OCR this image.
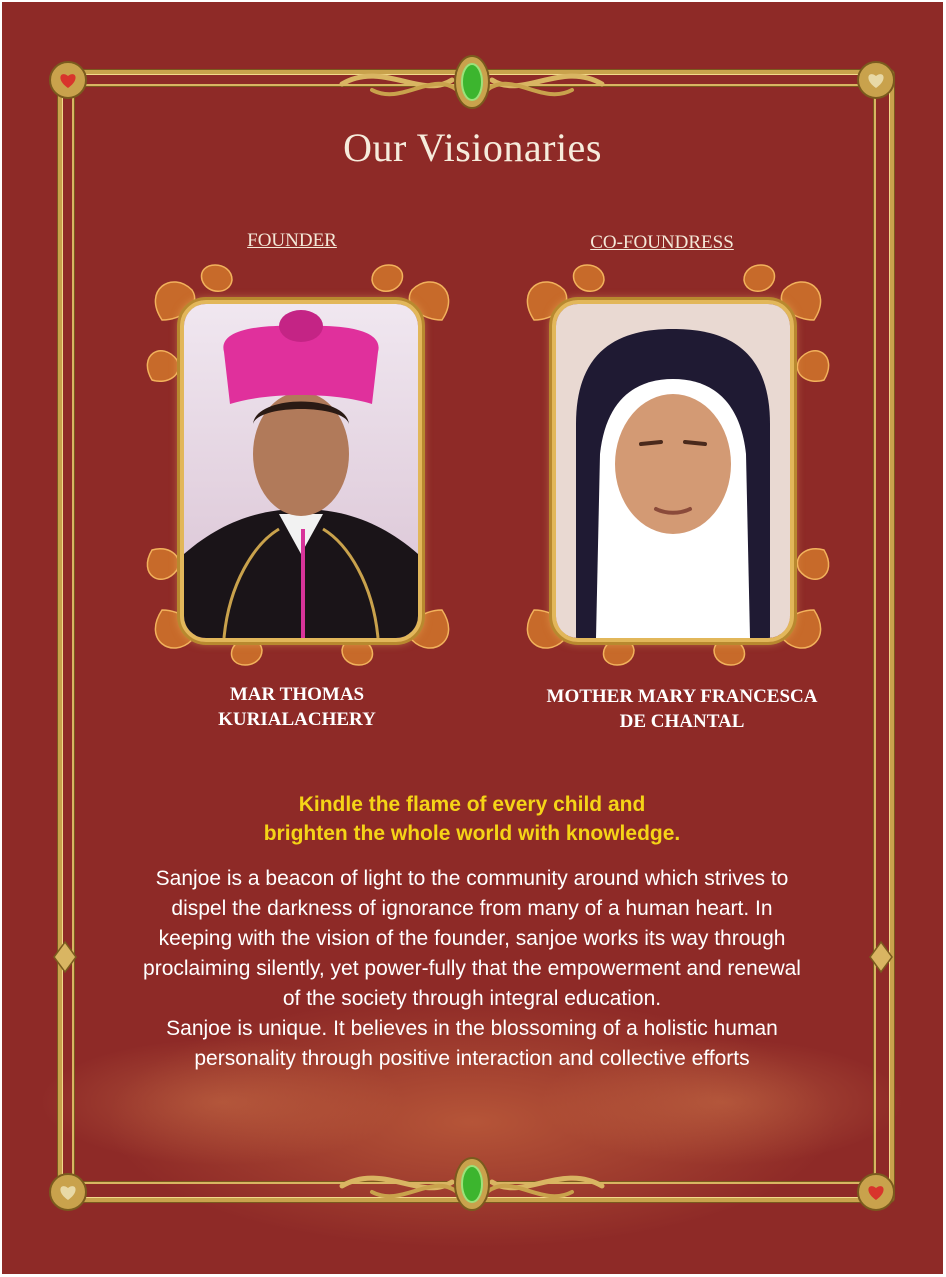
Our Visionaries
FOUNDER	CO-FOUNDRESS
MAR THOMAS
KURIALACHERY
MOTHER MARY FRANCESCA
DE CHANTAL
Kindle the flame of every child and
brighten the whole world with knowledge.

Sanjoe is a beacon of light to the community around which strives to dispel the darkness of ignorance from many of a human heart. In keeping with the vision of the founder, sanjoe works its way through proclaiming silently, yet power-fully that the empowerment and renewal of the society through integral education.

Sanjoe is unique. It believes in the blossoming of a holistic human personality through positive interaction and collective efforts
